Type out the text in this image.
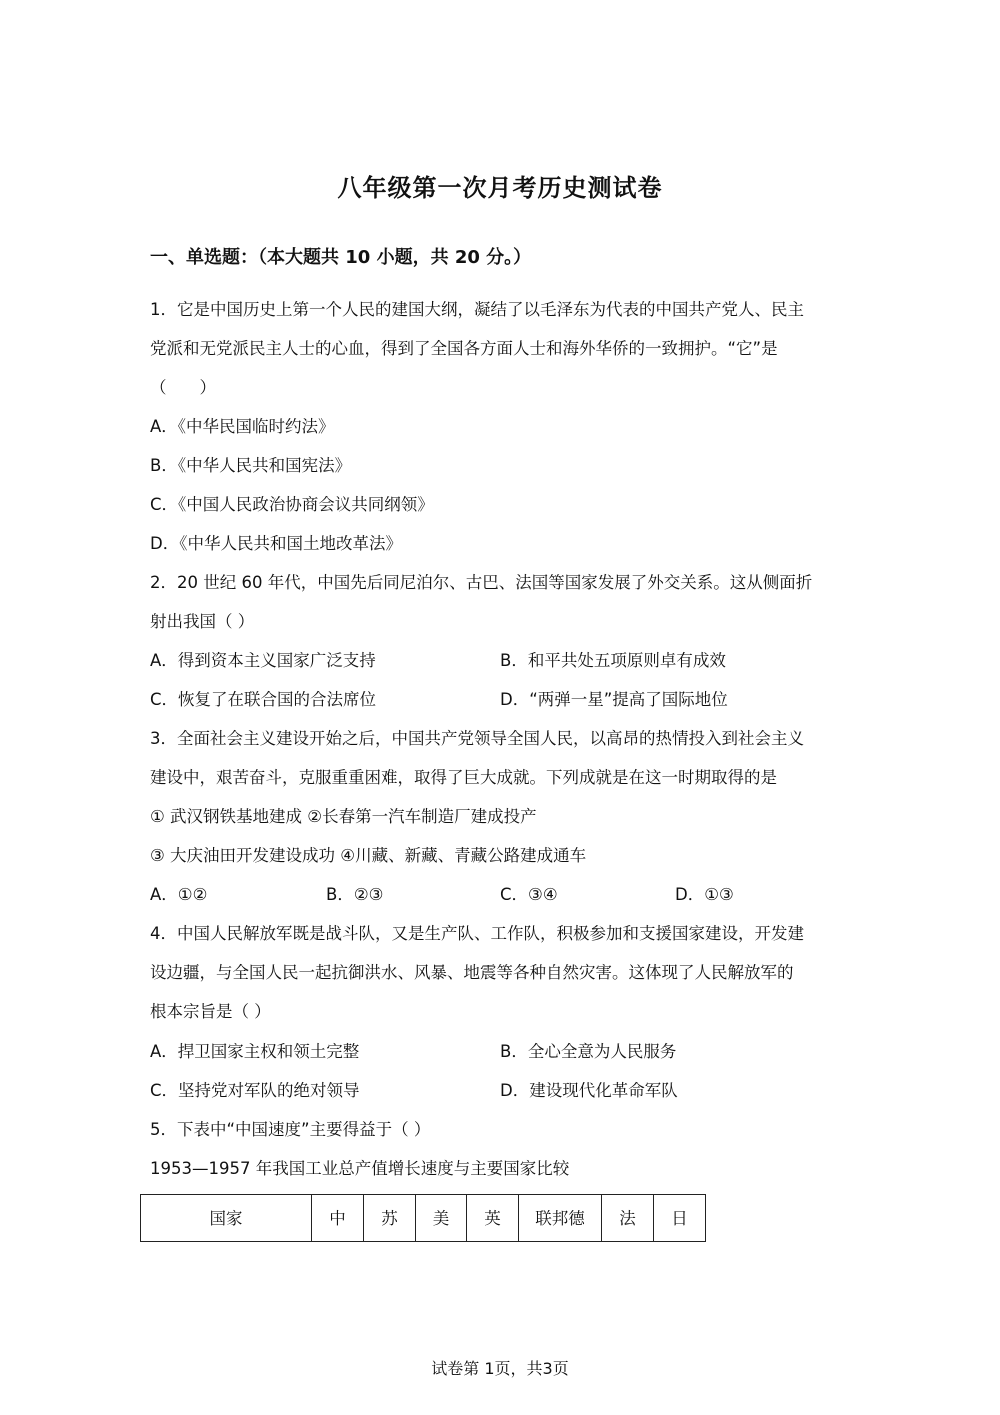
八年级第一次月考历史测试卷
一、单选题：（本大题共 10 小题，共 20 分。）
1．它是中国历史上第一个人民的建国大纲，凝结了以毛泽东为代表的中国共产党人、民主
党派和无党派民主人士的心血，得到了全国各方面人士和海外华侨的一致拥护。“它”是
（　　）
A．《中华民国临时约法》
B．《中华人民共和国宪法》
C．《中国人民政治协商会议共同纲领》
D．《中华人民共和国土地改革法》
2．20 世纪 60 年代，中国先后同尼泊尔、古巴、法国等国家发展了外交关系。这从侧面折
射出我国（ ）
A．得到资本主义国家广泛支持	B．和平共处五项原则卓有成效
C．恢复了在联合国的合法席位	D．“两弹一星”提高了国际地位
3．全面社会主义建设开始之后，中国共产党领导全国人民，以高昂的热情投入到社会主义
建设中，艰苦奋斗，克服重重困难，取得了巨大成就。下列成就是在这一时期取得的是
① 武汉钢铁基地建成 ②长春第一汽车制造厂建成投产
③ 大庆油田开发建设成功 ④川藏、新藏、青藏公路建成通车
A．①②	B．②③	C．③④	D．①③
4．中国人民解放军既是战斗队，又是生产队、工作队，积极参加和支援国家建设，开发建
设边疆，与全国人民一起抗御洪水、风暴、地震等各种自然灾害。这体现了人民解放军的
根本宗旨是（ ）
A．捍卫国家主权和领土完整	B．全心全意为人民服务
C．坚持党对军队的绝对领导	D．建设现代化革命军队
5．下表中“中国速度”主要得益于（ ）
1953—1957 年我国工业总产值增长速度与主要国家比较
国家	中	苏	美	英	联邦德	法	日
试卷第 1页，共3页
